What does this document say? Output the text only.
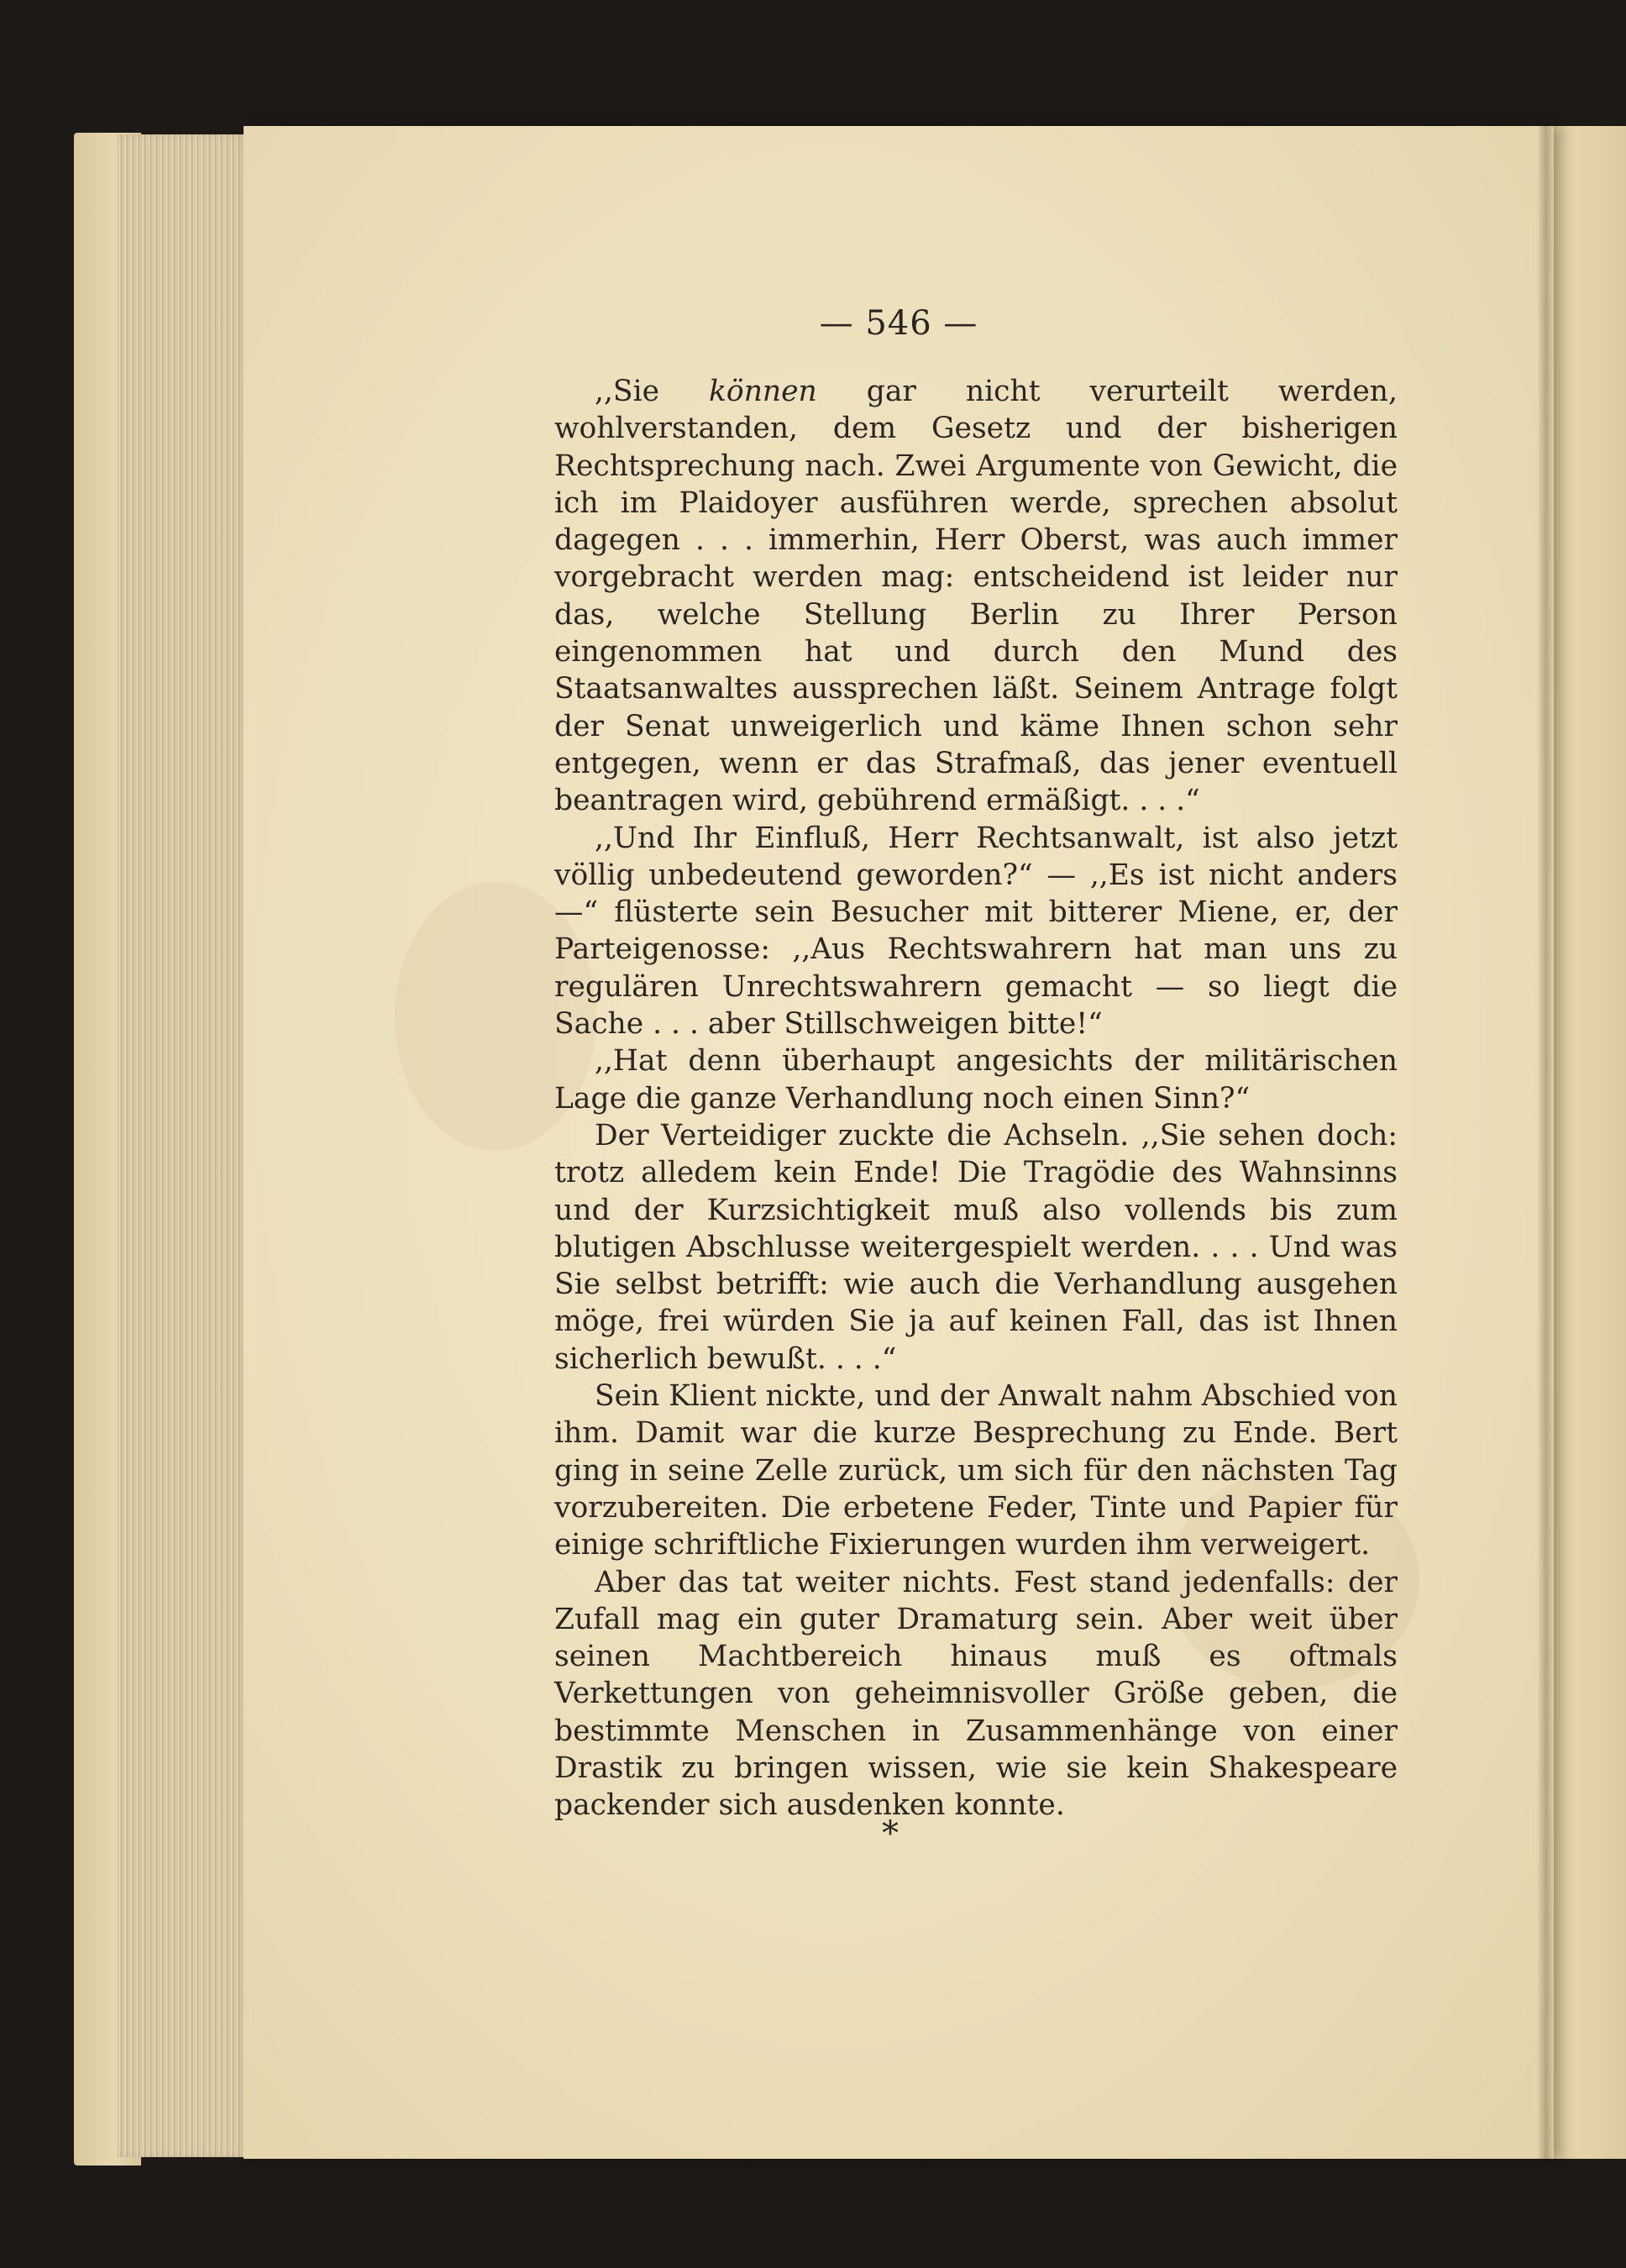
— 546 —

,,Sie können gar nicht verurteilt werden, wohlverstanden, dem Gesetz und der bisherigen Rechtsprechung nach. Zwei Argumente von Gewicht, die ich im Plaidoyer ausführen werde, sprechen absolut dagegen . . . immerhin, Herr Oberst, was auch immer vorgebracht werden mag: entscheidend ist leider nur das, welche Stellung Berlin zu Ihrer Person eingenommen hat und durch den Mund des Staatsanwaltes aussprechen läßt. Seinem Antrage folgt der Senat unweigerlich und käme Ihnen schon sehr entgegen, wenn er das Strafmaß, das jener eventuell beantragen wird, gebührend ermäßigt. . . .“

,,Und Ihr Einfluß, Herr Rechtsanwalt, ist also jetzt völlig unbedeutend geworden?“ — ,,Es ist nicht anders —“ flüsterte sein Besucher mit bitterer Miene, er, der Parteigenosse: ,,Aus Rechtswahrern hat man uns zu regulären Unrechtswahrern gemacht — so liegt die Sache . . . aber Stillschweigen bitte!“

,,Hat denn überhaupt angesichts der militärischen Lage die ganze Verhandlung noch einen Sinn?“

Der Verteidiger zuckte die Achseln. ,,Sie sehen doch: trotz alledem kein Ende! Die Tragödie des Wahnsinns und der Kurzsichtigkeit muß also vollends bis zum blutigen Abschlusse weitergespielt werden. . . . Und was Sie selbst betrifft: wie auch die Verhandlung ausgehen möge, frei würden Sie ja auf keinen Fall, das ist Ihnen sicherlich bewußt. . . .“

Sein Klient nickte, und der Anwalt nahm Abschied von ihm. Damit war die kurze Besprechung zu Ende. Bert ging in seine Zelle zurück, um sich für den nächsten Tag vorzubereiten. Die erbetene Feder, Tinte und Papier für einige schriftliche Fixierungen wurden ihm verweigert.

Aber das tat weiter nichts. Fest stand jedenfalls: der Zufall mag ein guter Dramaturg sein. Aber weit über seinen Machtbereich hinaus muß es oftmals Verkettungen von geheimnisvoller Größe geben, die bestimmte Menschen in Zusammenhänge von einer Drastik zu bringen wissen, wie sie kein Shakespeare packender sich ausdenken konnte.

*
